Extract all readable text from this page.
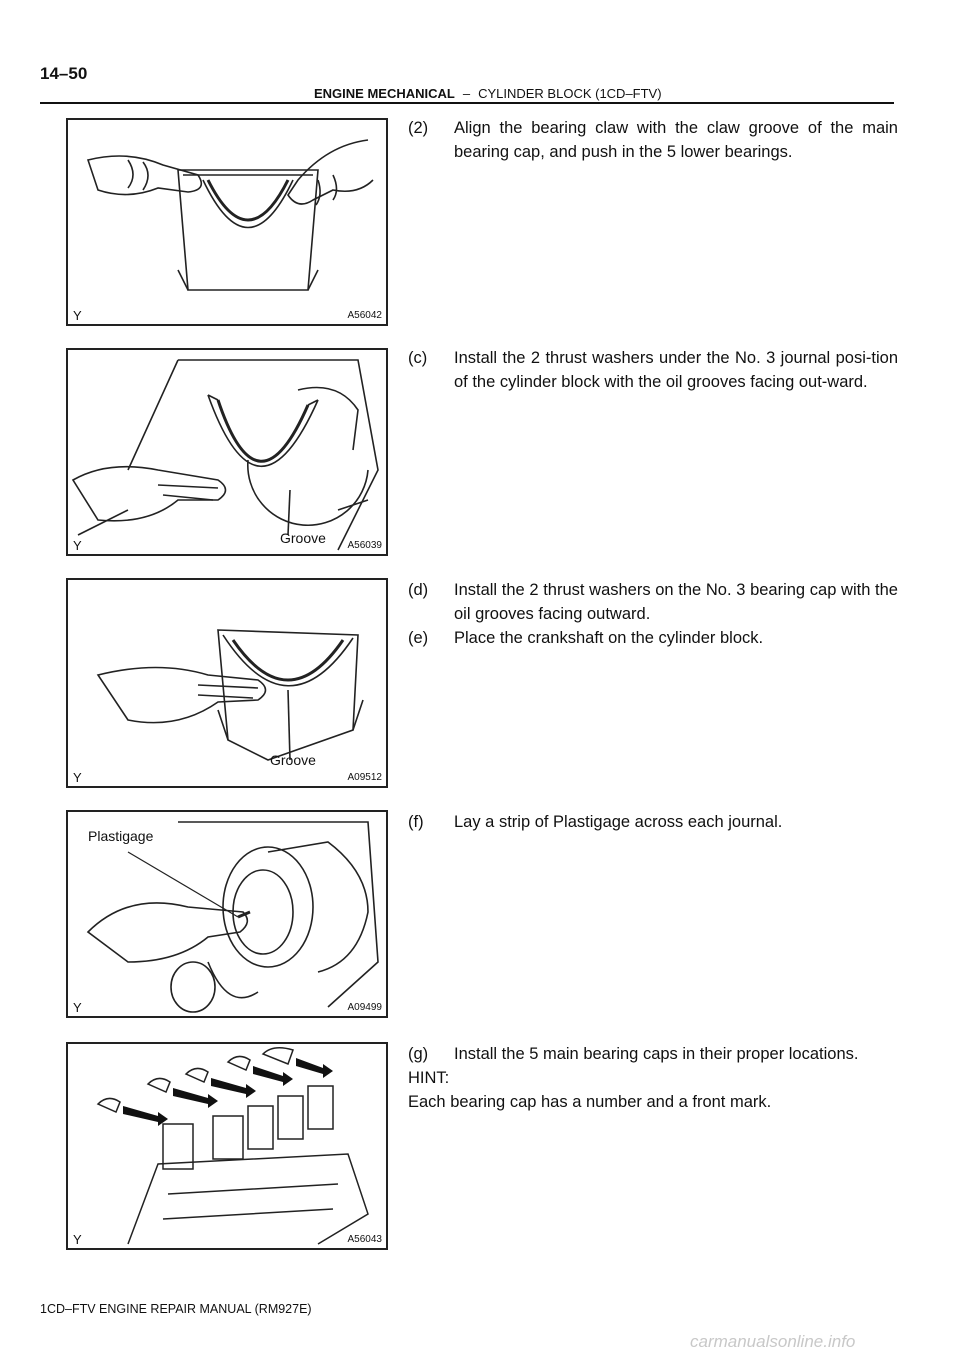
14–50
ENGINE MECHANICAL – CYLINDER BLOCK (1CD–FTV)
Y	A56042
Groove
Y	A56039
Groove
Y	A09512
Plastigage
Y	A09499
Y	A56043
(2) Align the bearing claw with the claw groove of the main bearing cap, and push in the 5 lower bearings.
(c) Install the 2 thrust washers under the No. 3 journal posi-tion of the cylinder block with the oil grooves facing out-ward.
(d) Install the 2 thrust washers on the No. 3 bearing cap with the oil grooves facing outward.
(e) Place the crankshaft on the cylinder block.
(f) Lay a strip of Plastigage across each journal.
(g) Install the 5 main bearing caps in their proper locations.
HINT:
Each bearing cap has a number and a front mark.
1CD–FTV ENGINE REPAIR MANUAL (RM927E)
carmanualsonline.info
